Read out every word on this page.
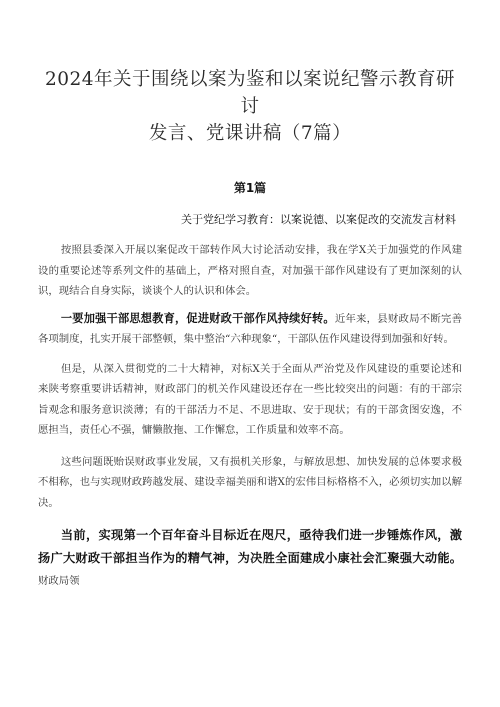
2024年关于围绕以案为鉴和以案说纪警示教育研讨
发言、党课讲稿（7篇）
第1篇
关于党纪学习教育：以案说德、以案促改的交流发言材料

按照县委深入开展以案促改干部转作风大讨论活动安排，我在学X关于加强党的作风建设的重要论述等系列文件的基础上，严格对照自查，对加强干部作风建设有了更加深刻的认识，现结合自身实际，谈谈个人的认识和体会。

一要加强干部思想教育，促进财政干部作风持续好转。近年来，县财政局不断完善各项制度，扎实开展干部整顿，集中整治“六种现象“，干部队伍作风建设得到加强和好转。

但是，从深入贯彻党的二十大精神，对标X关于全面从严治党及作风建设的重要论述和来陕考察重要讲话精神，财政部门的机关作风建设还存在一些比较突出的问题：有的干部宗旨观念和服务意识淡薄；有的干部活力不足、不思进取、安于现状；有的干部贪图安逸，不愿担当，责任心不强，慵懒散拖、工作懈怠，工作质量和效率不高。

这些问题既贻误财政事业发展，又有损机关形象，与解放思想、加快发展的总体要求极不相称，也与实现财政跨越发展、建设幸福美丽和谐X的宏伟目标格格不入，必须切实加以解决。

当前，实现第一个百年奋斗目标近在咫尺，亟待我们进一步锤炼作风，激扬广大财政干部担当作为的精气神，为决胜全面建成小康社会汇聚强大动能。财政局领
